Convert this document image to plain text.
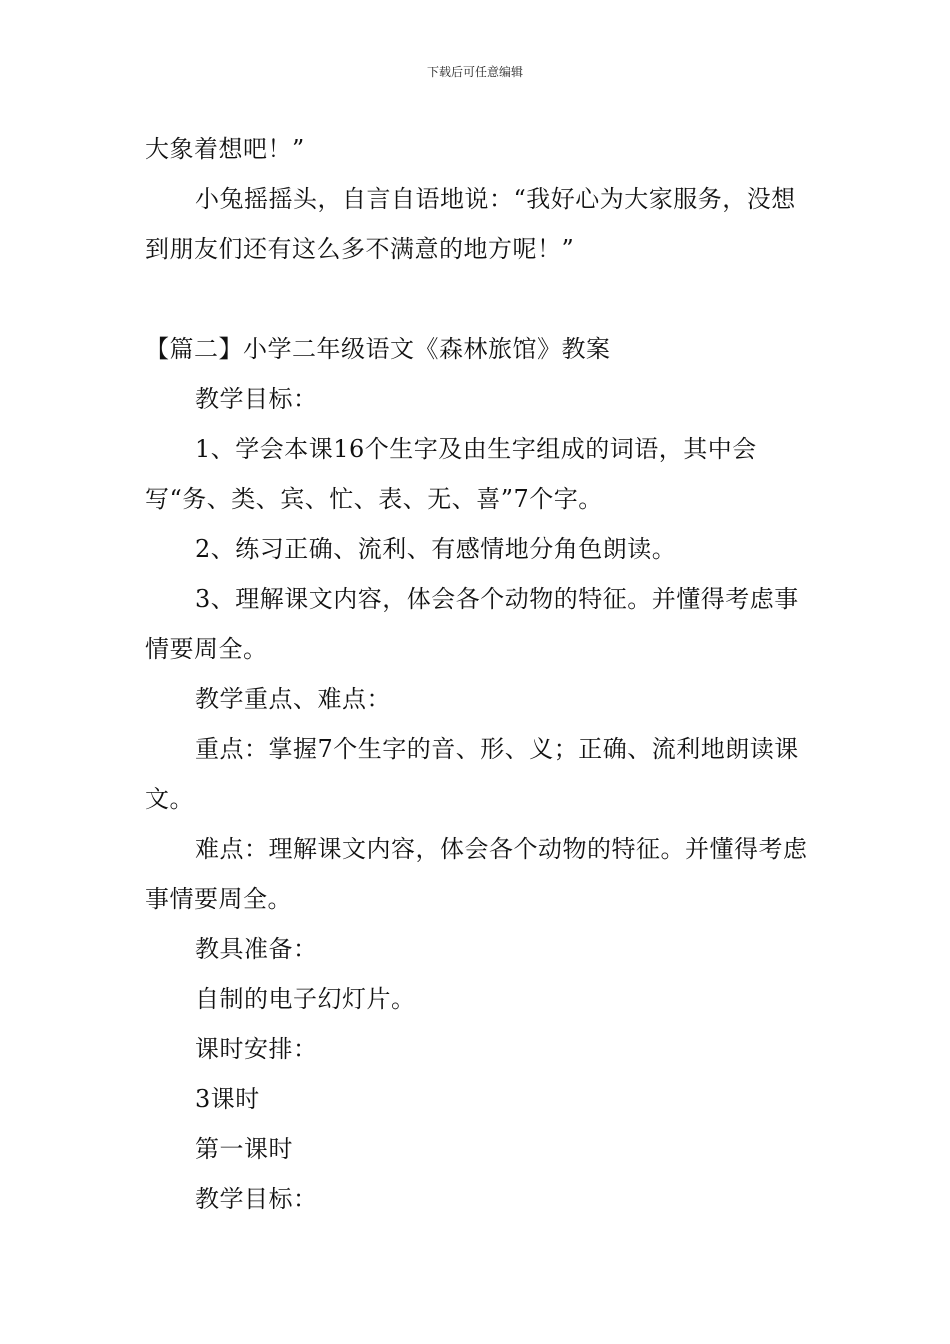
下载后可任意编辑

大象着想吧！”

小兔摇摇头，自言自语地说：“我好心为大家服务，没想到朋友们还有这么多不满意的地方呢！”

【篇二】小学二年级语文《森林旅馆》教案

教学目标：

1、学会本课16个生字及由生字组成的词语，其中会写“务、类、宾、忙、表、无、喜”7个字。

2、练习正确、流利、有感情地分角色朗读。

3、理解课文内容，体会各个动物的特征。并懂得考虑事情要周全。

教学重点、难点：

重点：掌握7个生字的音、形、义；正确、流利地朗读课文。

难点：理解课文内容，体会各个动物的特征。并懂得考虑事情要周全。

教具准备：

自制的电子幻灯片。

课时安排：

3课时

第一课时

教学目标：
